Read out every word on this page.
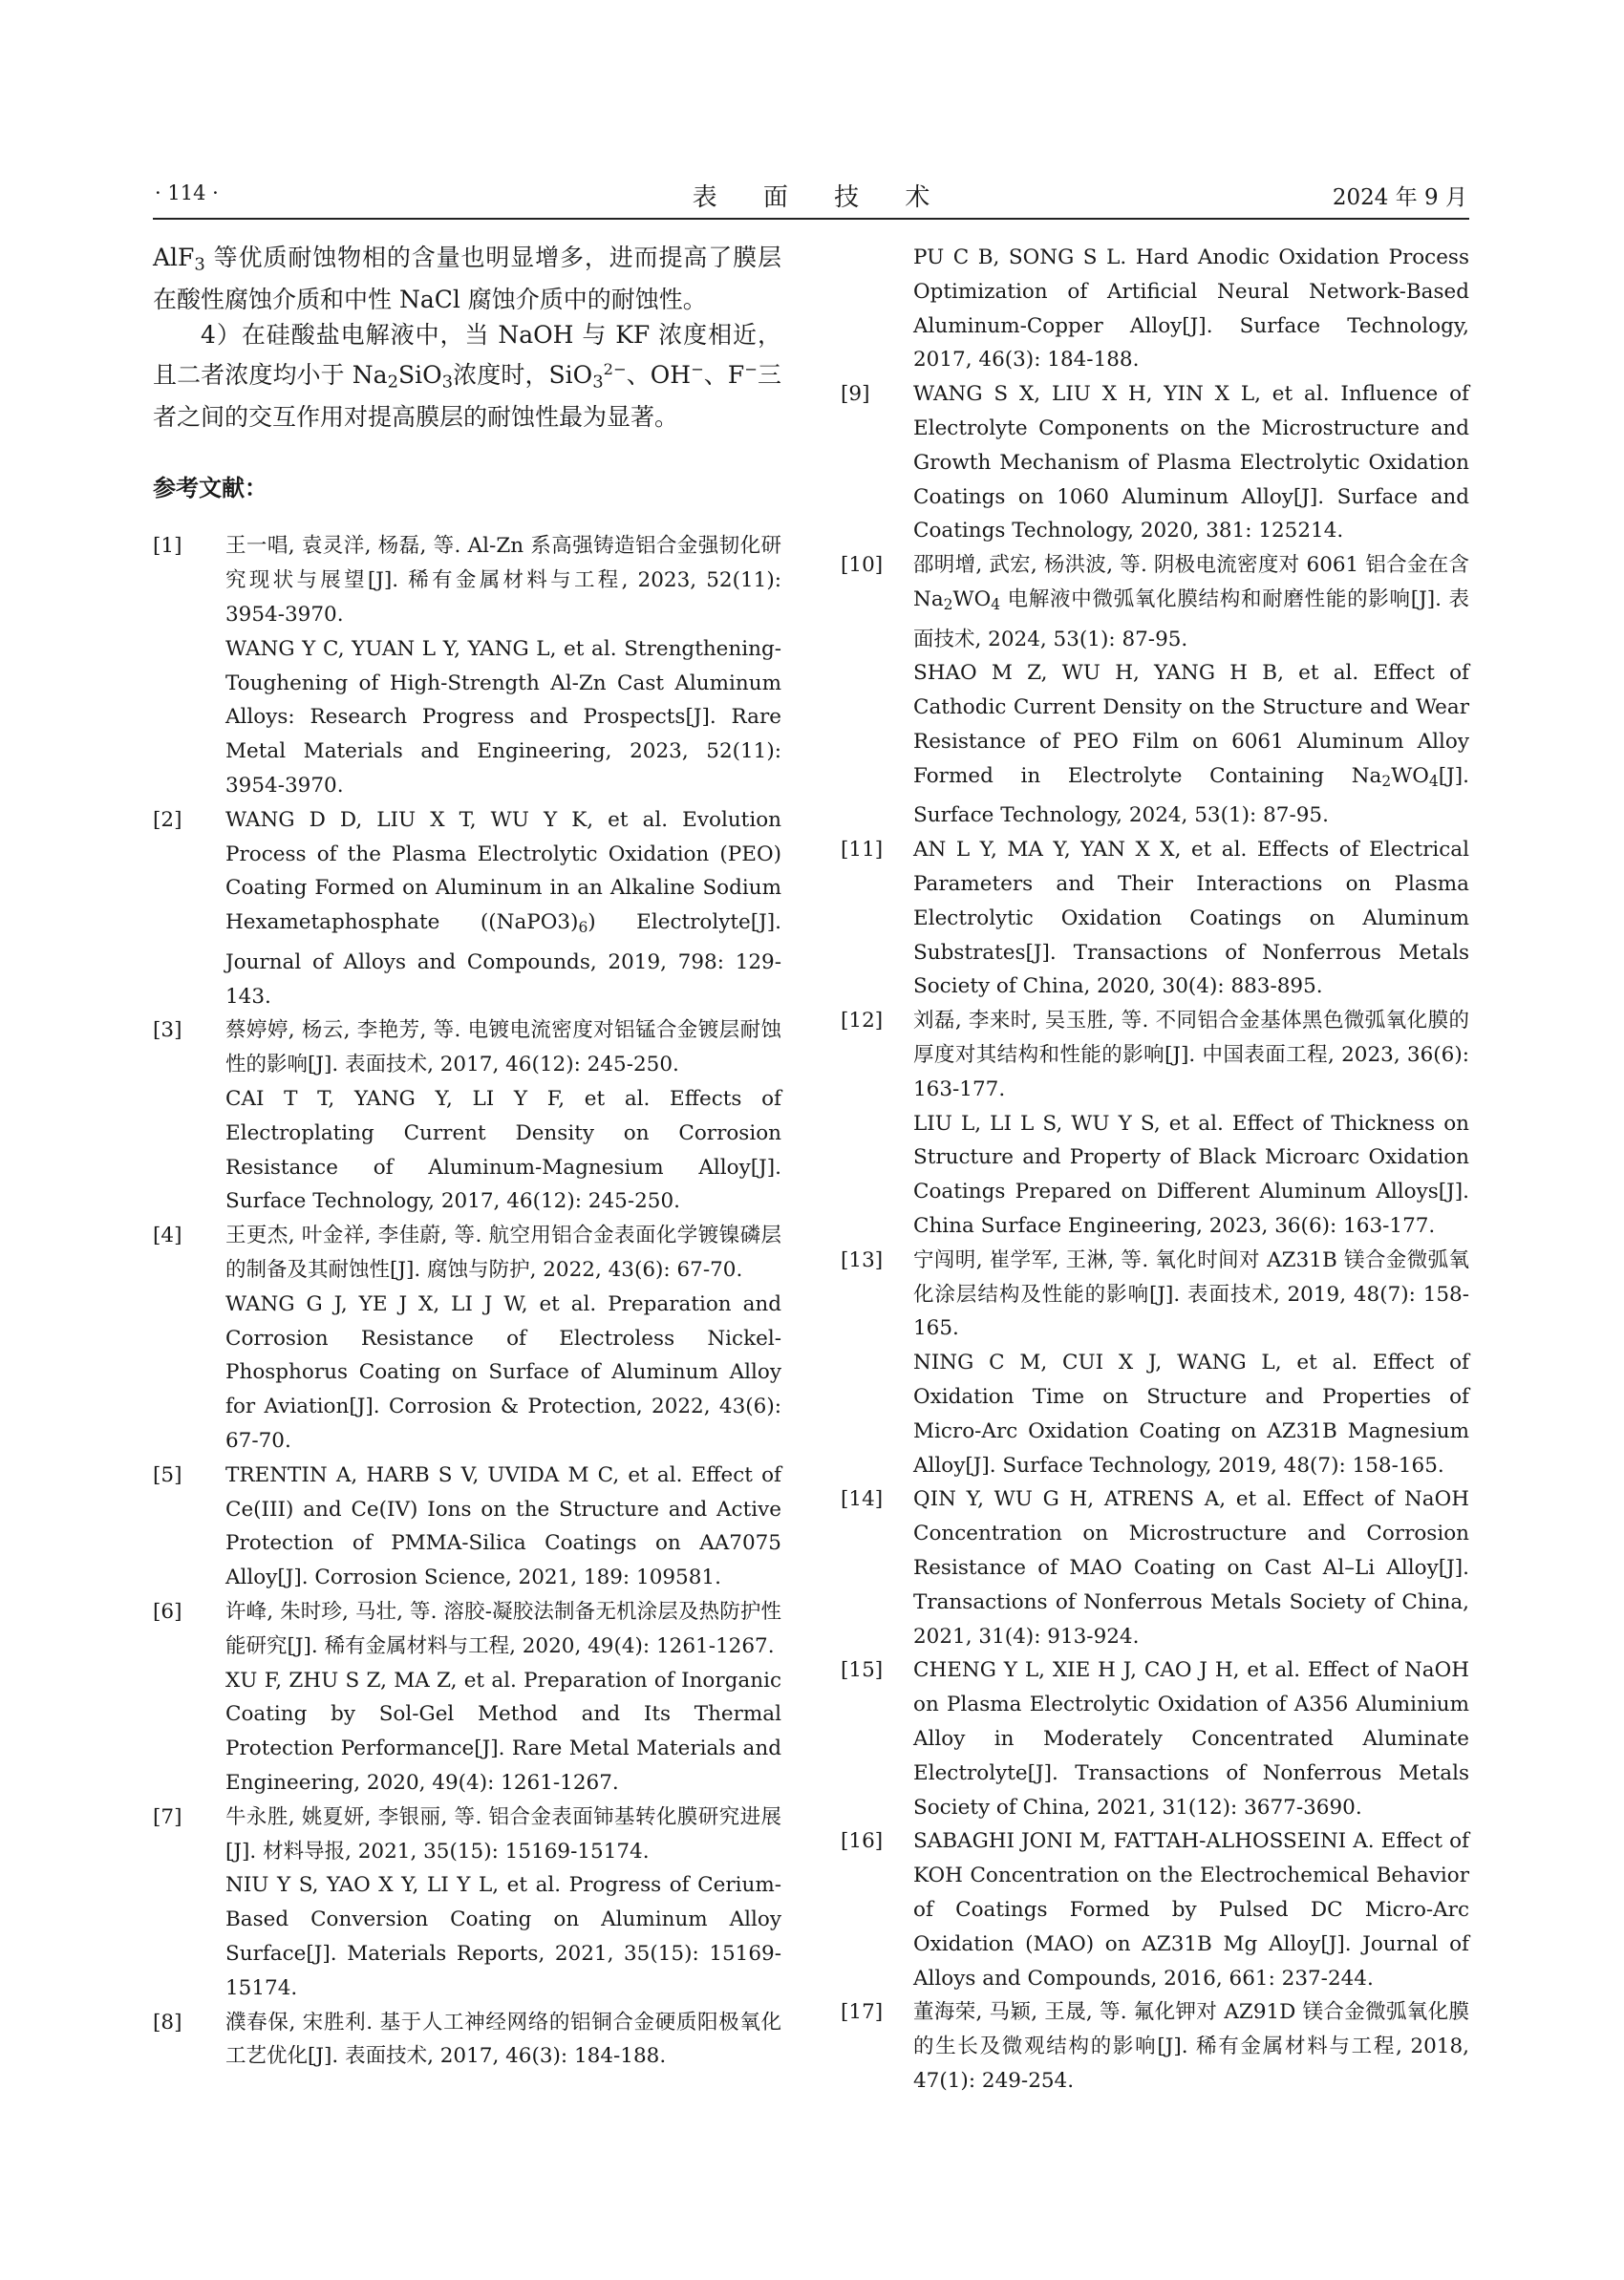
· 114 ·	表 面 技 术	2024 年 9 月

AlF$_3$ 等优质耐蚀物相的含量也明显增多，进而提高了膜层在酸性腐蚀介质和中性 NaCl 腐蚀介质中的耐蚀性。

4）在硅酸盐电解液中，当 NaOH 与 KF 浓度相近，且二者浓度均小于 $Na_2SiO_3$浓度时，SiO$_3^{2-}$、OH−、F−三者之间的交互作用对提高膜层的耐蚀性最为显著。

参考文献：

[1] 王一唱, 袁灵洋, 杨磊, 等. Al-Zn 系高强铸造铝合金强韧化研究现状与展望[J]. 稀有金属材料与工程, 2023, 52(11): 3954-3970.
WANG Y C, YUAN L Y, YANG L, et al. Strengthening-Toughening of High-Strength Al-Zn Cast Aluminum Alloys: Research Progress and Prospects[J]. Rare Metal Materials and Engineering, 2023, 52(11): 3954-3970.
[2] WANG D D, LIU X T, WU Y K, et al. Evolution Process of the Plasma Electrolytic Oxidation (PEO) Coating Formed on Aluminum in an Alkaline Sodium Hexametaphosphate $((NaPO3)_6)$ Electrolyte[J]. Journal of Alloys and Compounds, 2019, 798: 129-143.
[3] 蔡婷婷, 杨云, 李艳芳, 等. 电镀电流密度对铝锰合金镀层耐蚀性的影响[J]. 表面技术, 2017, 46(12): 245-250.
CAI T T, YANG Y, LI Y F, et al. Effects of Electroplating Current Density on Corrosion Resistance of Aluminum-Magnesium Alloy[J]. Surface Technology, 2017, 46(12): 245-250.
[4] 王更杰, 叶金祥, 李佳蔚, 等. 航空用铝合金表面化学镀镍磷层的制备及其耐蚀性[J]. 腐蚀与防护, 2022, 43(6): 67-70.
WANG G J, YE J X, LI J W, et al. Preparation and Corrosion Resistance of Electroless Nickel-Phosphorus Coating on Surface of Aluminum Alloy for Aviation[J]. Corrosion & Protection, 2022, 43(6): 67-70.
[5] TRENTIN A, HARB S V, UVIDA M C, et al. Effect of Ce(III) and Ce(IV) Ions on the Structure and Active Protection of PMMA-Silica Coatings on AA7075 Alloy[J]. Corrosion Science, 2021, 189: 109581.
[6] 许峰, 朱时珍, 马壮, 等. 溶胶-凝胶法制备无机涂层及热防护性能研究[J]. 稀有金属材料与工程, 2020, 49(4): 1261-1267.
XU F, ZHU S Z, MA Z, et al. Preparation of Inorganic Coating by Sol-Gel Method and Its Thermal Protection Performance[J]. Rare Metal Materials and Engineering, 2020, 49(4): 1261-1267.
[7] 牛永胜, 姚夏妍, 李银丽, 等. 铝合金表面铈基转化膜研究进展[J]. 材料导报, 2021, 35(15): 15169-15174.
NIU Y S, YAO X Y, LI Y L, et al. Progress of Cerium-Based Conversion Coating on Aluminum Alloy Surface[J]. Materials Reports, 2021, 35(15): 15169-15174.
[8] 濮春保, 宋胜利. 基于人工神经网络的铝铜合金硬质阳极氧化工艺优化[J]. 表面技术, 2017, 46(3): 184-188.
PU C B, SONG S L. Hard Anodic Oxidation Process Optimization of Artificial Neural Network-Based Aluminum-Copper Alloy[J]. Surface Technology, 2017, 46(3): 184-188.
[9] WANG S X, LIU X H, YIN X L, et al. Influence of Electrolyte Components on the Microstructure and Growth Mechanism of Plasma Electrolytic Oxidation Coatings on 1060 Aluminum Alloy[J]. Surface and Coatings Technology, 2020, 381: 125214.
[10] 邵明增, 武宏, 杨洪波, 等. 阴极电流密度对 6061 铝合金在含 $Na_2WO_4$ 电解液中微弧氧化膜结构和耐磨性能的影响[J]. 表面技术, 2024, 53(1): 87-95.
SHAO M Z, WU H, YANG H B, et al. Effect of Cathodic Current Density on the Structure and Wear Resistance of PEO Film on 6061 Aluminum Alloy Formed in Electrolyte Containing $Na_2WO_4[J]$. Surface Technology, 2024, 53(1): 87-95.
[11] AN L Y, MA Y, YAN X X, et al. Effects of Electrical Parameters and Their Interactions on Plasma Electrolytic Oxidation Coatings on Aluminum Substrates[J]. Transactions of Nonferrous Metals Society of China, 2020, 30(4): 883-895.
[12] 刘磊, 李来时, 吴玉胜, 等. 不同铝合金基体黑色微弧氧化膜的厚度对其结构和性能的影响[J]. 中国表面工程, 2023, 36(6): 163-177.
LIU L, LI L S, WU Y S, et al. Effect of Thickness on Structure and Property of Black Microarc Oxidation Coatings Prepared on Different Aluminum Alloys[J]. China Surface Engineering, 2023, 36(6): 163-177.
[13] 宁闯明, 崔学军, 王淋, 等. 氧化时间对 AZ31B 镁合金微弧氧化涂层结构及性能的影响[J]. 表面技术, 2019, 48(7): 158-165.
NING C M, CUI X J, WANG L, et al. Effect of Oxidation Time on Structure and Properties of Micro-Arc Oxidation Coating on AZ31B Magnesium Alloy[J]. Surface Technology, 2019, 48(7): 158-165.
[14] QIN Y, WU G H, ATRENS A, et al. Effect of NaOH Concentration on Microstructure and Corrosion Resistance of MAO Coating on Cast Al–Li Alloy[J]. Transactions of Nonferrous Metals Society of China, 2021, 31(4): 913-924.
[15] CHENG Y L, XIE H J, CAO J H, et al. Effect of NaOH on Plasma Electrolytic Oxidation of A356 Aluminium Alloy in Moderately Concentrated Aluminate Electrolyte[J]. Transactions of Nonferrous Metals Society of China, 2021, 31(12): 3677-3690.
[16] SABAGHI JONI M, FATTAH-ALHOSSEINI A. Effect of KOH Concentration on the Electrochemical Behavior of Coatings Formed by Pulsed DC Micro-Arc Oxidation (MAO) on AZ31B Mg Alloy[J]. Journal of Alloys and Compounds, 2016, 661: 237-244.
[17] 董海荣, 马颖, 王晟, 等. 氟化钾对 AZ91D 镁合金微弧氧化膜的生长及微观结构的影响[J]. 稀有金属材料与工程, 2018, 47(1): 249-254.
